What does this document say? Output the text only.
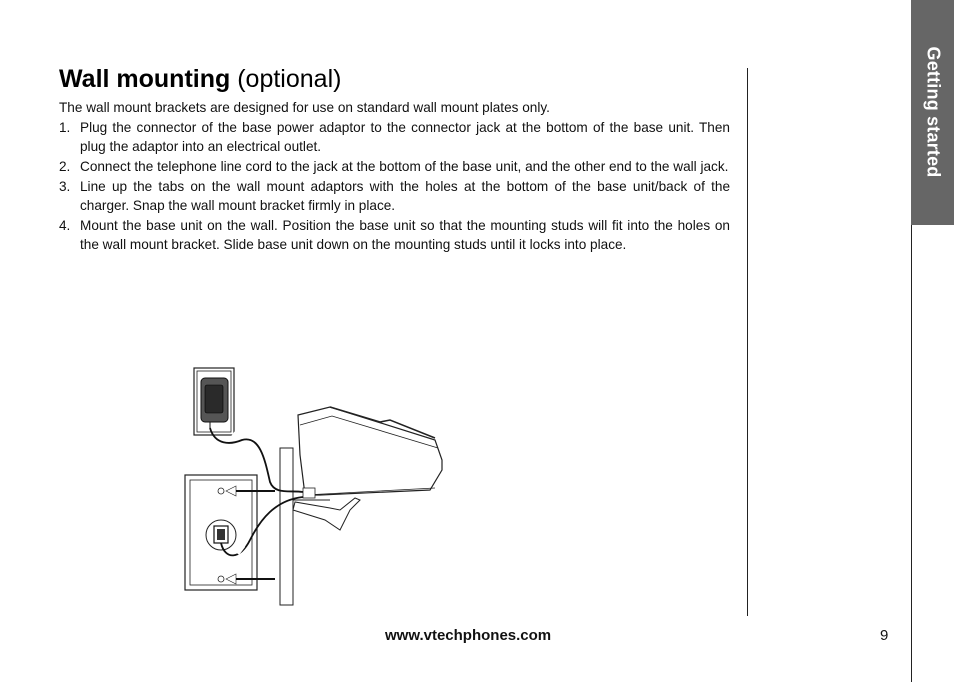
Wall mounting (optional)

The wall mount brackets are designed for use on standard wall mount plates only.

1. Plug the connector of the base power adaptor to the connector jack at the bottom of the base unit. Then plug the adaptor into an electrical outlet.
2. Connect the telephone line cord to the jack at the bottom of the base unit, and the other end to the wall jack.
3. Line up the tabs on the wall mount adaptors with the holes at the bottom of the base unit/back of the charger. Snap the wall mount bracket firmly in place.
4. Mount the base unit on the wall. Position the base unit so that the mounting studs will fit into the holes on the wall mount bracket. Slide base unit down on the mounting studs until it locks into place.
Getting started
www.vtechphones.com	9
